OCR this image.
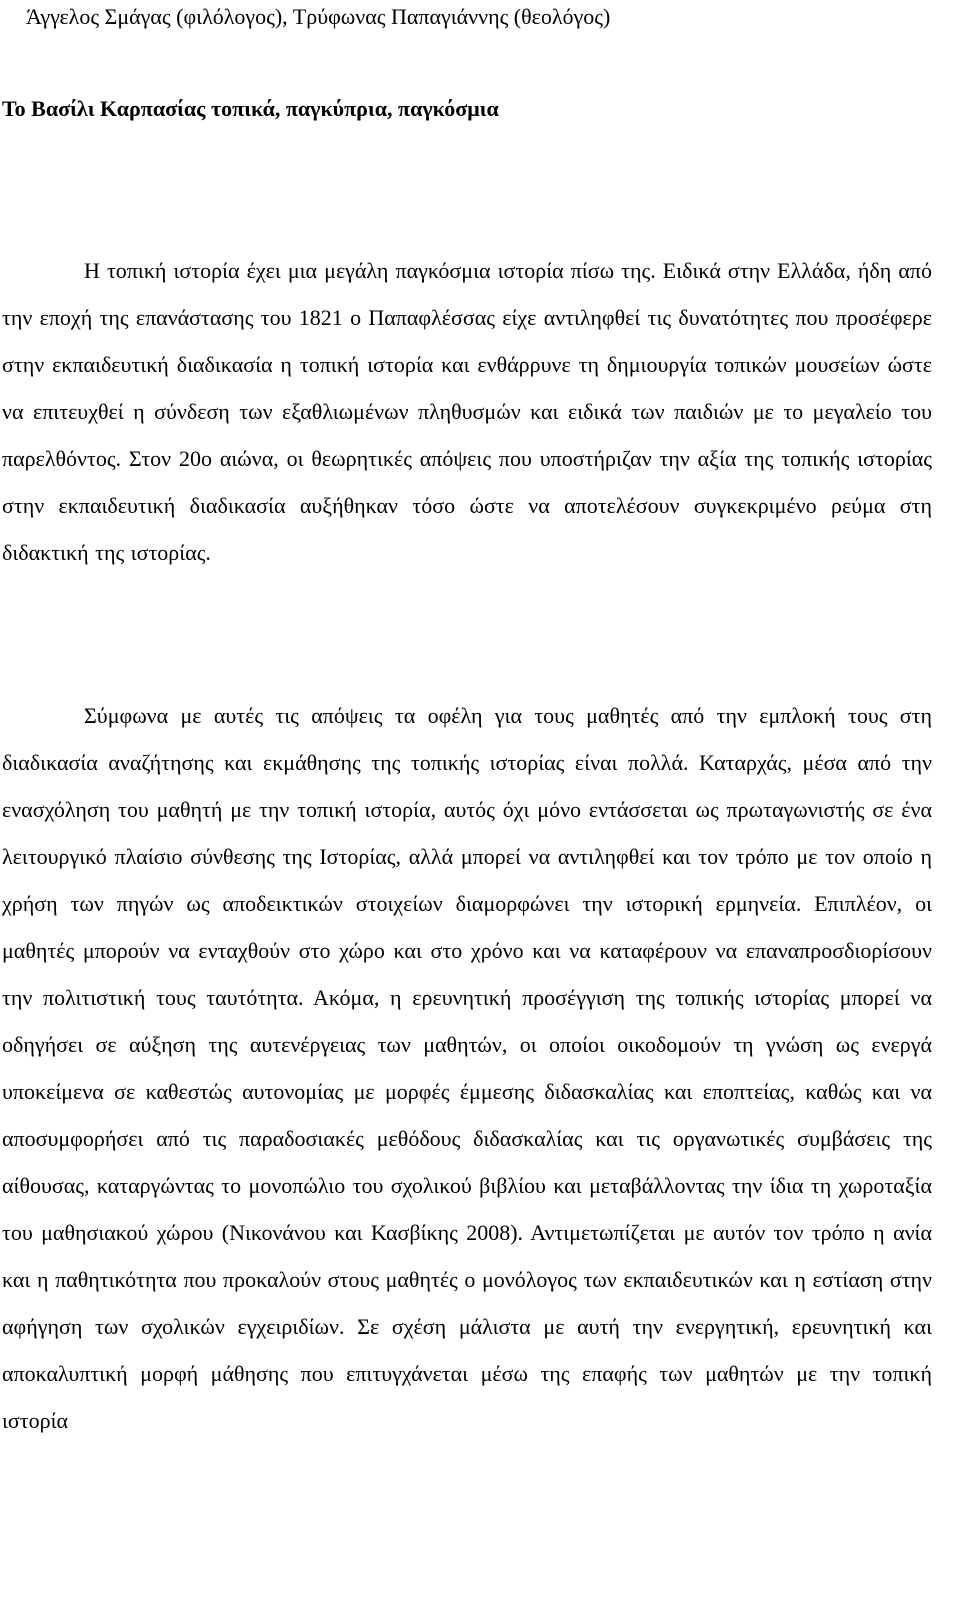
Άγγελος Σμάγας (φιλόλογος), Τρύφωνας Παπαγιάννης (θεολόγος)

Το Βασίλι Καρπασίας τοπικά, παγκύπρια, παγκόσμια

Η τοπική ιστορία έχει μια μεγάλη παγκόσμια ιστορία πίσω της. Ειδικά στην Ελλάδα, ήδη από την εποχή της επανάστασης του 1821 ο Παπαφλέσσας είχε αντιληφθεί τις δυνατότητες που προσέφερε στην εκπαιδευτική διαδικασία η τοπική ιστορία και ενθάρρυνε τη δημιουργία τοπικών μουσείων ώστε να επιτευχθεί η σύνδεση των εξαθλιωμένων πληθυσμών και ειδικά των παιδιών με το μεγαλείο του παρελθόντος. Στον 20ο αιώνα, οι θεωρητικές απόψεις που υποστήριζαν την αξία της τοπικής ιστορίας στην εκπαιδευτική διαδικασία αυξήθηκαν τόσο ώστε να αποτελέσουν συγκεκριμένο ρεύμα στη διδακτική της ιστορίας.

Σύμφωνα με αυτές τις απόψεις τα οφέλη για τους μαθητές από την εμπλοκή τους στη διαδικασία αναζήτησης και εκμάθησης της τοπικής ιστορίας είναι πολλά. Καταρχάς, μέσα από την ενασχόληση του μαθητή με την τοπική ιστορία, αυτός όχι μόνο εντάσσεται ως πρωταγωνιστής σε ένα λειτουργικό πλαίσιο σύνθεσης της Ιστορίας, αλλά μπορεί να αντιληφθεί και τον τρόπο με τον οποίο η χρήση των πηγών ως αποδεικτικών στοιχείων διαμορφώνει την ιστορική ερμηνεία. Επιπλέον, οι μαθητές μπορούν να ενταχθούν στο χώρο και στο χρόνο και να καταφέρουν να επαναπροσδιορίσουν την πολιτιστική τους ταυτότητα. Ακόμα, η ερευνητική προσέγγιση της τοπικής ιστορίας μπορεί να οδηγήσει σε αύξηση της αυτενέργειας των μαθητών, οι οποίοι οικοδομούν τη γνώση ως ενεργά υποκείμενα σε καθεστώς αυτονομίας με μορφές έμμεσης διδασκαλίας και εποπτείας, καθώς και να αποσυμφορήσει από τις παραδοσιακές μεθόδους διδασκαλίας και τις οργανωτικές συμβάσεις της αίθουσας, καταργώντας το μονοπώλιο του σχολικού βιβλίου και μεταβάλλοντας την ίδια τη χωροταξία του μαθησιακού χώρου (Νικονάνου και Κασβίκης 2008). Αντιμετωπίζεται με αυτόν τον τρόπο η ανία και η παθητικότητα που προκαλούν στους μαθητές ο μονόλογος των εκπαιδευτικών και η εστίαση στην αφήγηση των σχολικών εγχειριδίων. Σε σχέση μάλιστα με αυτή την ενεργητική, ερευνητική και αποκαλυπτική μορφή μάθησης που επιτυγχάνεται μέσω της επαφής των μαθητών με την τοπική ιστορία
